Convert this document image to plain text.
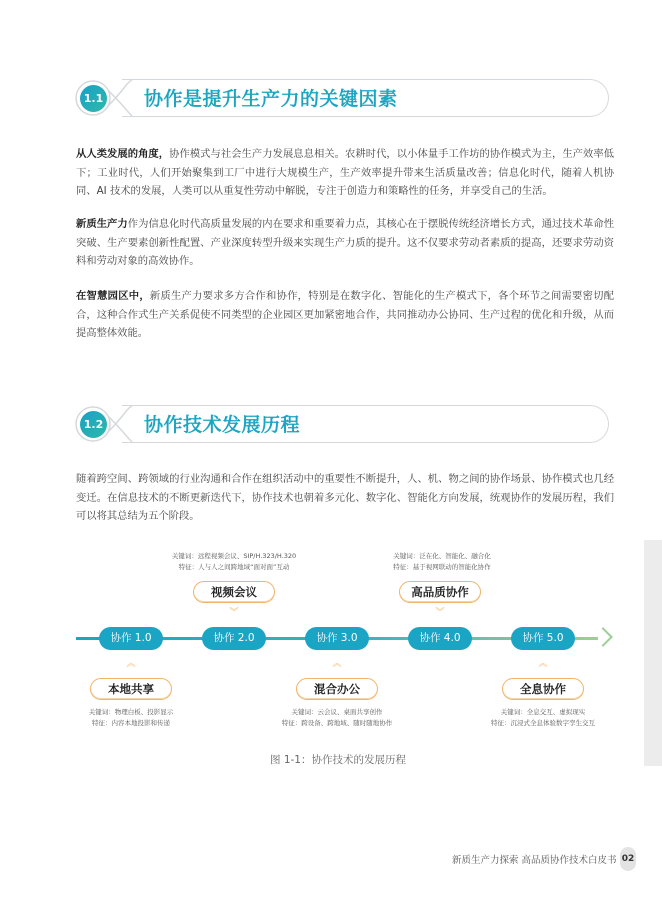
1.1 协作是提升生产力的关键因素
从人类发展的角度，协作模式与社会生产力发展息息相关。农耕时代，以小体量手工作坊的协作模式为主，生产效率低下；工业时代，人们开始聚集到工厂中进行大规模生产，生产效率提升带来生活质量改善；信息化时代，随着人机协同、AI 技术的发展，人类可以从重复性劳动中解脱，专注于创造力和策略性的任务，并享受自己的生活。
新质生产力作为信息化时代高质量发展的内在要求和重要着力点，其核心在于摆脱传统经济增长方式，通过技术革命性突破、生产要素创新性配置、产业深度转型升级来实现生产力质的提升。这不仅要求劳动者素质的提高，还要求劳动资料和劳动对象的高效协作。
在智慧园区中，新质生产力要求多方合作和协作，特别是在数字化、智能化的生产模式下，各个环节之间需要密切配合，这种合作式生产关系促使不同类型的企业园区更加紧密地合作，共同推动办公协同、生产过程的优化和升级，从而提高整体效能。
1.2 协作技术发展历程
随着跨空间、跨领域的行业沟通和合作在组织活动中的重要性不断提升，人、机、物之间的协作场景、协作模式也几经变迁。在信息技术的不断更新迭代下，协作技术也朝着多元化、数字化、智能化方向发展，统观协作的发展历程，我们可以将其总结为五个阶段。
协作 1.0	协作 2.0	协作 3.0	协作 4.0	协作 5.0
关键词：远程视频会议、SIP/H.323/H.320
特征：人与人之间跨地域“面对面”互动
视频会议
︾
关键词：泛在化、智能化、融合化
特征：基于视网联动的智能化协作
高品质协作
︾
︽
本地共享
关键词：物理白板、投影显示
特征：内容本地投影和传递
︽
混合办公
关键词：云会议、桌面共享创作
特征：跨设备、跨地域、随时随地协作
︽
全息协作
关键词：全息交互、虚拟现实
特征：沉浸式全息体验数字孪生交互
图 1-1：协作技术的发展历程
新质生产力探索 高品质协作技术白皮书 02
